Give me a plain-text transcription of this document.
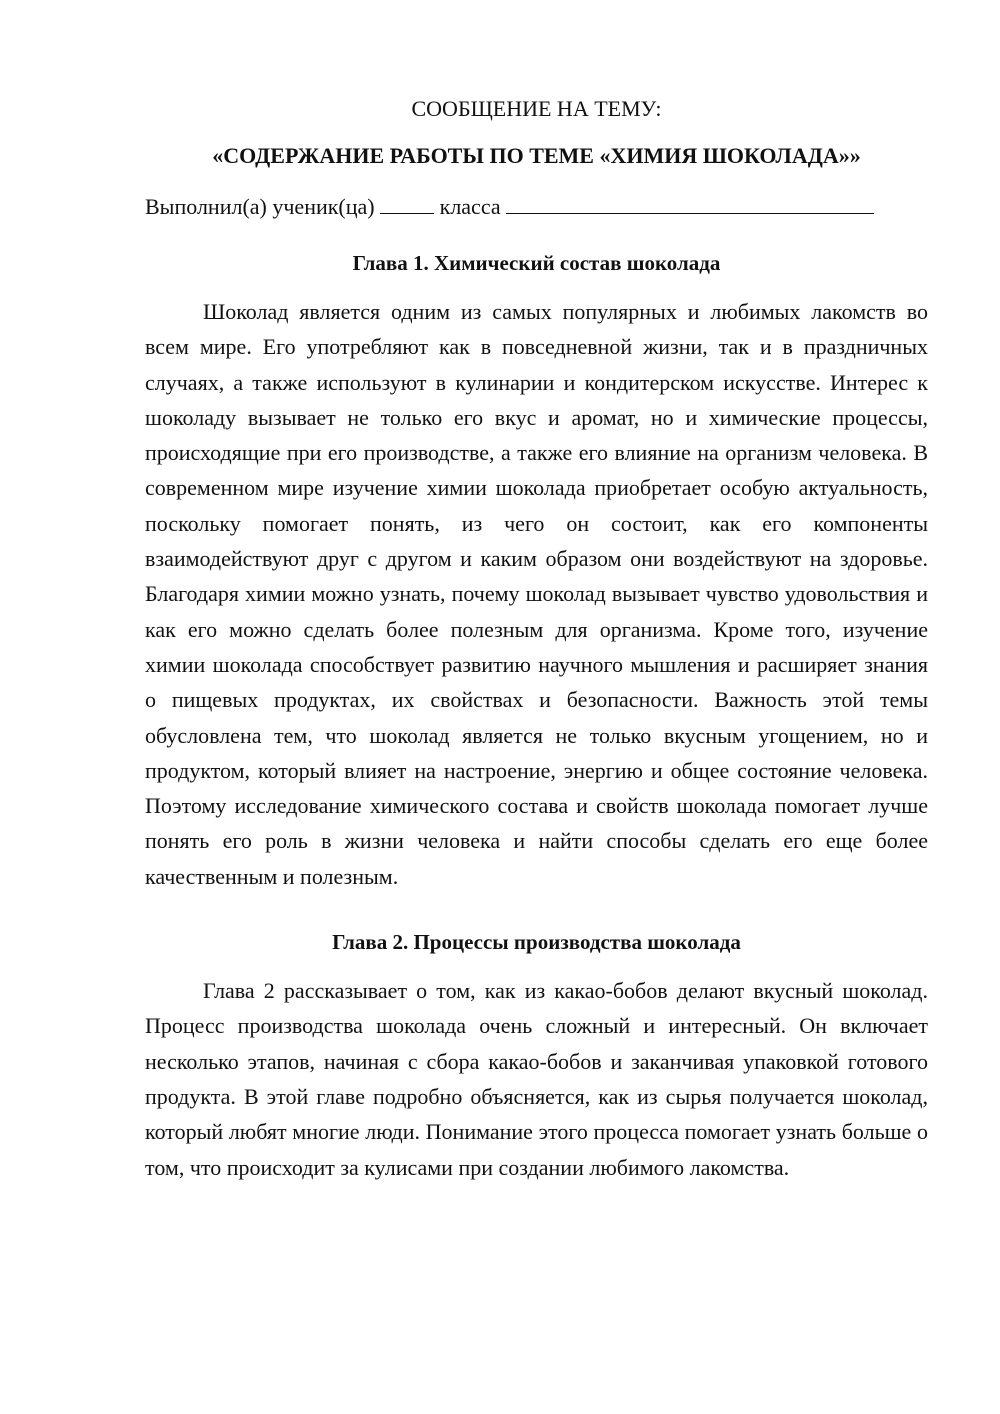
СООБЩЕНИЕ НА ТЕМУ:

«СОДЕРЖАНИЕ РАБОТЫ ПО ТЕМЕ «ХИМИЯ ШОКОЛАДА»»

Выполнил(а) ученик(ца)	класса

Глава 1. Химический состав шоколада

Шоколад является одним из самых популярных и любимых лакомств во всем мире. Его употребляют как в повседневной жизни, так и в праздничных случаях, а также используют в кулинарии и кондитерском искусстве. Интерес к шоколаду вызывает не только его вкус и аромат, но и химические процессы, происходящие при его производстве, а также его влияние на организм человека. В современном мире изучение химии шоколада приобретает особую актуальность, поскольку помогает понять, из чего он состоит, как его компоненты взаимодействуют друг с другом и каким образом они воздействуют на здоровье. Благодаря химии можно узнать, почему шоколад вызывает чувство удовольствия и как его можно сделать более полезным для организма. Кроме того, изучение химии шоколада способствует развитию научного мышления и расширяет знания о пищевых продуктах, их свойствах и безопасности. Важность этой темы обусловлена тем, что шоколад является не только вкусным угощением, но и продуктом, который влияет на настроение, энергию и общее состояние человека. Поэтому исследование химического состава и свойств шоколада помогает лучше понять его роль в жизни человека и найти способы сделать его еще более качественным и полезным.

Глава 2. Процессы производства шоколада

Глава 2 рассказывает о том, как из какао-бобов делают вкусный шоколад. Процесс производства шоколада очень сложный и интересный. Он включает несколько этапов, начиная с сбора какао-бобов и заканчивая упаковкой готового продукта. В этой главе подробно объясняется, как из сырья получается шоколад, который любят многие люди. Понимание этого процесса помогает узнать больше о том, что происходит за кулисами при создании любимого лакомства.
